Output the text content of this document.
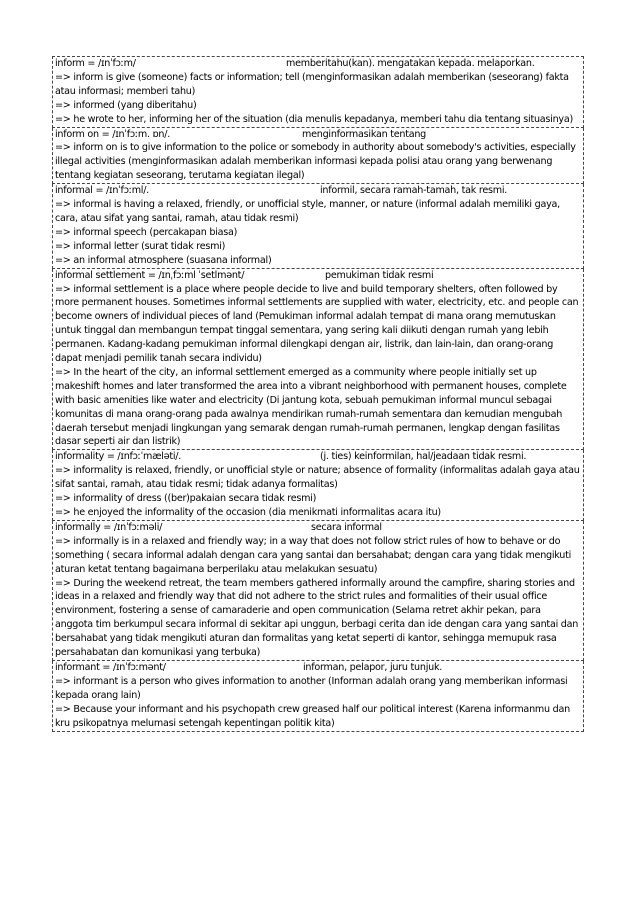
inform = /ɪnˈfɔːm/	memberitahu(kan). mengatakan kepada. melaporkan.
=> inform is give (someone) facts or information; tell (menginformasikan adalah memberikan (seseorang) fakta atau informasi; memberi tahu)
=> informed (yang diberitahu)
=> he wrote to her, informing her of the situation (dia menulis kepadanya, memberi tahu dia tentang situasinya)
inform on = /ɪnˈfɔːm. ɒn/.	menginformasikan tentang
=> inform on is to give information to the police or somebody in authority about somebody's activities, especially illegal activities (menginformasikan adalah memberikan informasi kepada polisi atau orang yang berwenang tentang kegiatan seseorang, terutama kegiatan ilegal)
informal = /ɪnˈfɔːml/.	informil, secara ramah-tamah, tak resmi.
=> informal is having a relaxed, friendly, or unofficial style, manner, or nature (informal adalah memiliki gaya, cara, atau sifat yang santai, ramah, atau tidak resmi)
=> informal speech (percakapan biasa)
=> informal letter (surat tidak resmi)
=> an informal atmosphere (suasana informal)
informal settlement = /ɪnˌfɔːml ˈsetlmənt/	pemukiman tidak resmi
=> informal settlement is a place where people decide to live and build temporary shelters, often followed by more permanent houses. Sometimes informal settlements are supplied with water, electricity, etc. and people can become owners of individual pieces of land (Pemukiman informal adalah tempat di mana orang memutuskan untuk tinggal dan membangun tempat tinggal sementara, yang sering kali diikuti dengan rumah yang lebih permanen. Kadang-kadang pemukiman informal dilengkapi dengan air, listrik, dan lain-lain, dan orang-orang dapat menjadi pemilik tanah secara individu)
=> In the heart of the city, an informal settlement emerged as a community where people initially set up makeshift homes and later transformed the area into a vibrant neighborhood with permanent houses, complete with basic amenities like water and electricity (Di jantung kota, sebuah pemukiman informal muncul sebagai komunitas di mana orang-orang pada awalnya mendirikan rumah-rumah sementara dan kemudian mengubah daerah tersebut menjadi lingkungan yang semarak dengan rumah-rumah permanen, lengkap dengan fasilitas dasar seperti air dan listrik)
informality = /ɪnfɔːˈmæləti/.	(j. ties) keinformilan, hal/jeadaan tidak resmi.
=> informality is relaxed, friendly, or unofficial style or nature; absence of formality (informalitas adalah gaya atau sifat santai, ramah, atau tidak resmi; tidak adanya formalitas)
=> informality of dress ((ber)pakaian secara tidak resmi)
=> he enjoyed the informality of the occasion (dia menikmati informalitas acara itu)
informally = /ɪnˈfɔːməli/	secara informal
=> informally is in a relaxed and friendly way; in a way that does not follow strict rules of how to behave or do something ( secara informal adalah dengan cara yang santai dan bersahabat; dengan cara yang tidak mengikuti aturan ketat tentang bagaimana berperilaku atau melakukan sesuatu)
=> During the weekend retreat, the team members gathered informally around the campfire, sharing stories and ideas in a relaxed and friendly way that did not adhere to the strict rules and formalities of their usual office environment, fostering a sense of camaraderie and open communication (Selama retret akhir pekan, para anggota tim berkumpul secara informal di sekitar api unggun, berbagi cerita dan ide dengan cara yang santai dan bersahabat yang tidak mengikuti aturan dan formalitas yang ketat seperti di kantor, sehingga memupuk rasa persahabatan dan komunikasi yang terbuka)
informant = /ɪnˈfɔːmənt/	informan, pelapor, juru tunjuk.
=> informant is a person who gives information to another (Informan adalah orang yang memberikan informasi kepada orang lain)
=> Because your informant and his psychopath crew greased half our political interest (Karena informanmu dan kru psikopatnya melumasi setengah kepentingan politik kita)
